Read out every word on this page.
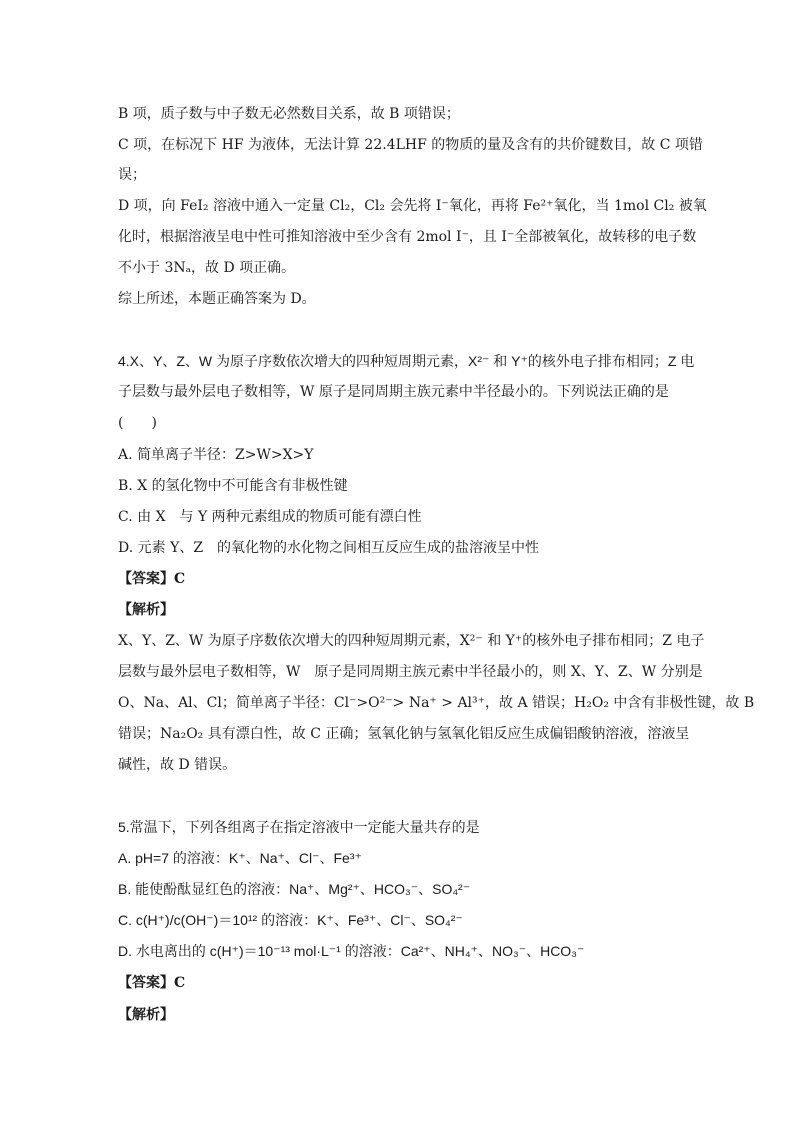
B 项，质子数与中子数无必然数目关系，故 B 项错误；
C 项，在标况下 HF 为液体，无法计算 22.4LHF 的物质的量及含有的共价键数目，故 C 项错
误；
D 项，向 FeI₂ 溶液中通入一定量 Cl₂，Cl₂ 会先将 I⁻氧化，再将 Fe²⁺氧化，当 1mol Cl₂ 被氧
化时，根据溶液呈电中性可推知溶液中至少含有 2mol I⁻，且 I⁻全部被氧化，故转移的电子数
不小于 3Nₐ，故 D 项正确。
综上所述，本题正确答案为 D。
4.X、Y、Z、W 为原子序数依次增大的四种短周期元素，X²⁻ 和 Y⁺的核外电子排布相同；Z 电
子层数与最外层电子数相等，W 原子是同周期主族元素中半径最小的。下列说法正确的是
(　　)
A. 简单离子半径：Z>W>X>Y
B. X 的氢化物中不可能含有非极性键
C. 由 X　与 Y 两种元素组成的物质可能有漂白性
D. 元素 Y、Z　的氧化物的水化物之间相互反应生成的盐溶液呈中性
【答案】C
【解析】
X、Y、Z、W 为原子序数依次增大的四种短周期元素，X²⁻ 和 Y⁺的核外电子排布相同；Z 电子
层数与最外层电子数相等，W　原子是同周期主族元素中半径最小的，则 X、Y、Z、W 分别是
O、Na、Al、Cl；简单离子半径：Cl⁻>O²⁻> Na⁺ > Al³⁺，故 A 错误；H₂O₂ 中含有非极性键，故 B
错误；Na₂O₂ 具有漂白性，故 C 正确；氢氧化钠与氢氧化铝反应生成偏铝酸钠溶液，溶液呈
碱性，故 D 错误。
5.常温下，下列各组离子在指定溶液中一定能大量共存的是
A. pH=7 的溶液：K⁺、Na⁺、Cl⁻、Fe³⁺
B. 能使酚酞显红色的溶液：Na⁺、Mg²⁺、HCO₃⁻、SO₄²⁻
C. c(H⁺)/c(OH⁻)＝10¹² 的溶液：K⁺、Fe³⁺、Cl⁻、SO₄²⁻
D. 水电离出的 c(H⁺)＝10⁻¹³ mol·L⁻¹ 的溶液：Ca²⁺、NH₄⁺、NO₃⁻、HCO₃⁻
【答案】C
【解析】
